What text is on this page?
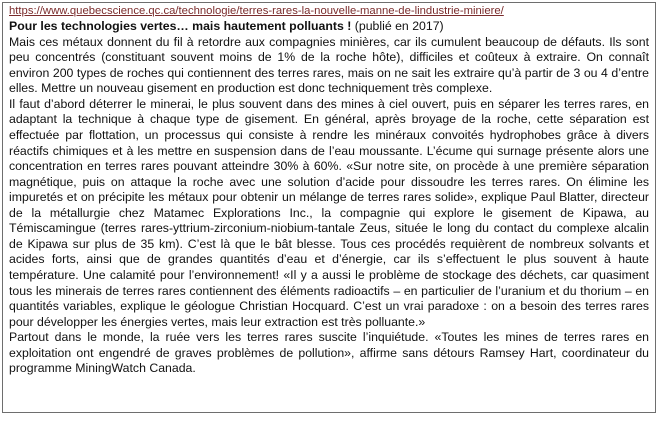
https://www.quebecscience.qc.ca/technologie/terres-rares-la-nouvelle-manne-de-lindustrie-miniere/

Pour les technologies vertes… mais hautement polluants ! (publié en 2017)

Mais ces métaux donnent du fil à retordre aux compagnies minières, car ils cumulent beaucoup de défauts. Ils sont peu concentrés (constituant souvent moins de 1% de la roche hôte), difficiles et coûteux à extraire. On connaît environ 200 types de roches qui contiennent des terres rares, mais on ne sait les extraire qu’à partir de 3 ou 4 d’entre elles. Mettre un nouveau gisement en production est donc techniquement très complexe.

Il faut d’abord déterrer le minerai, le plus souvent dans des mines à ciel ouvert, puis en séparer les terres rares, en adaptant la technique à chaque type de gisement. En général, après broyage de la roche, cette séparation est effectuée par flottation, un processus qui consiste à rendre les minéraux convoités hydrophobes grâce à divers réactifs chimiques et à les mettre en suspension dans de l’eau moussante. L’écume qui surnage présente alors une concentration en terres rares pouvant atteindre 30% à 60%. «Sur notre site, on procède à une première séparation magnétique, puis on attaque la roche avec une solution d’acide pour dissoudre les terres rares. On élimine les impuretés et on précipite les métaux pour obtenir un mélange de terres rares solide», explique Paul Blatter, directeur de la métallurgie chez Matamec Explorations Inc., la compagnie qui explore le gisement de Kipawa, au Témiscamingue (terres rares-yttrium-zirconium-niobium-tantale Zeus, située le long du contact du complexe alcalin de Kipawa sur plus de 35 km). C’est là que le bât blesse. Tous ces procédés requièrent de nombreux solvants et acides forts, ainsi que de grandes quantités d’eau et d’énergie, car ils s’effectuent le plus souvent à haute température. Une calamité pour l’environnement! «Il y a aussi le problème de stockage des déchets, car quasiment tous les minerais de terres rares contiennent des éléments radioactifs – en particulier de l’uranium et du thorium – en quantités variables, explique le géologue Christian Hocquard. C’est un vrai paradoxe : on a besoin des terres rares pour développer les énergies vertes, mais leur extraction est très polluante.»

Partout dans le monde, la ruée vers les terres rares suscite l’inquiétude. «Toutes les mines de terres rares en exploitation ont engendré de graves problèmes de pollution», affirme sans détours Ramsey Hart, coordinateur du programme MiningWatch Canada.
